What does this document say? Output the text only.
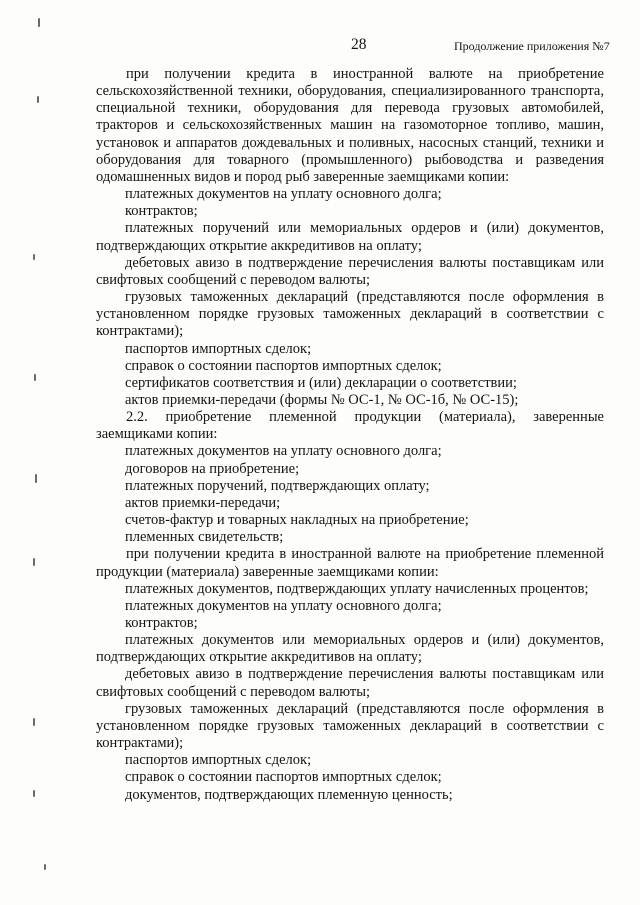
28	Продолжение приложения №7

при получении кредита в иностранной валюте на приобретение сельскохозяйственной техники, оборудования, специализированного транспорта, специальной техники, оборудования для перевода грузовых автомобилей, тракторов и сельскохозяйственных машин на газомоторное топливо, машин, установок и аппаратов дождевальных и поливных, насосных станций, техники и оборудования для товарного (промышленного) рыбоводства и разведения одомашненных видов и пород рыб заверенные заемщиками копии:

платежных документов на уплату основного долга;

контрактов;

платежных поручений или мемориальных ордеров и (или) документов, подтверждающих открытие аккредитивов на оплату;

дебетовых авизо в подтверждение перечисления валюты поставщикам или свифтовых сообщений с переводом валюты;

грузовых таможенных деклараций (представляются после оформления в установленном порядке грузовых таможенных деклараций в соответствии с контрактами);

паспортов импортных сделок;

справок о состоянии паспортов импортных сделок;

сертификатов соответствия и (или) декларации о соответствии;

актов приемки-передачи (формы № ОС-1, № ОС-1б, № ОС-15);

2.2. приобретение племенной продукции (материала), заверенные заемщиками копии:

платежных документов на уплату основного долга;

договоров на приобретение;

платежных поручений, подтверждающих оплату;

актов приемки-передачи;

счетов-фактур и товарных накладных на приобретение;

племенных свидетельств;

при получении кредита в иностранной валюте на приобретение племенной продукции (материала) заверенные заемщиками копии:

платежных документов, подтверждающих уплату начисленных процентов;

платежных документов на уплату основного долга;

контрактов;

платежных документов или мемориальных ордеров и (или) документов, подтверждающих открытие аккредитивов на оплату;

дебетовых авизо в подтверждение перечисления валюты поставщикам или свифтовых сообщений с переводом валюты;

грузовых таможенных деклараций (представляются после оформления в установленном порядке грузовых таможенных деклараций в соответствии с контрактами);

паспортов импортных сделок;

справок о состоянии паспортов импортных сделок;

документов, подтверждающих племенную ценность;
